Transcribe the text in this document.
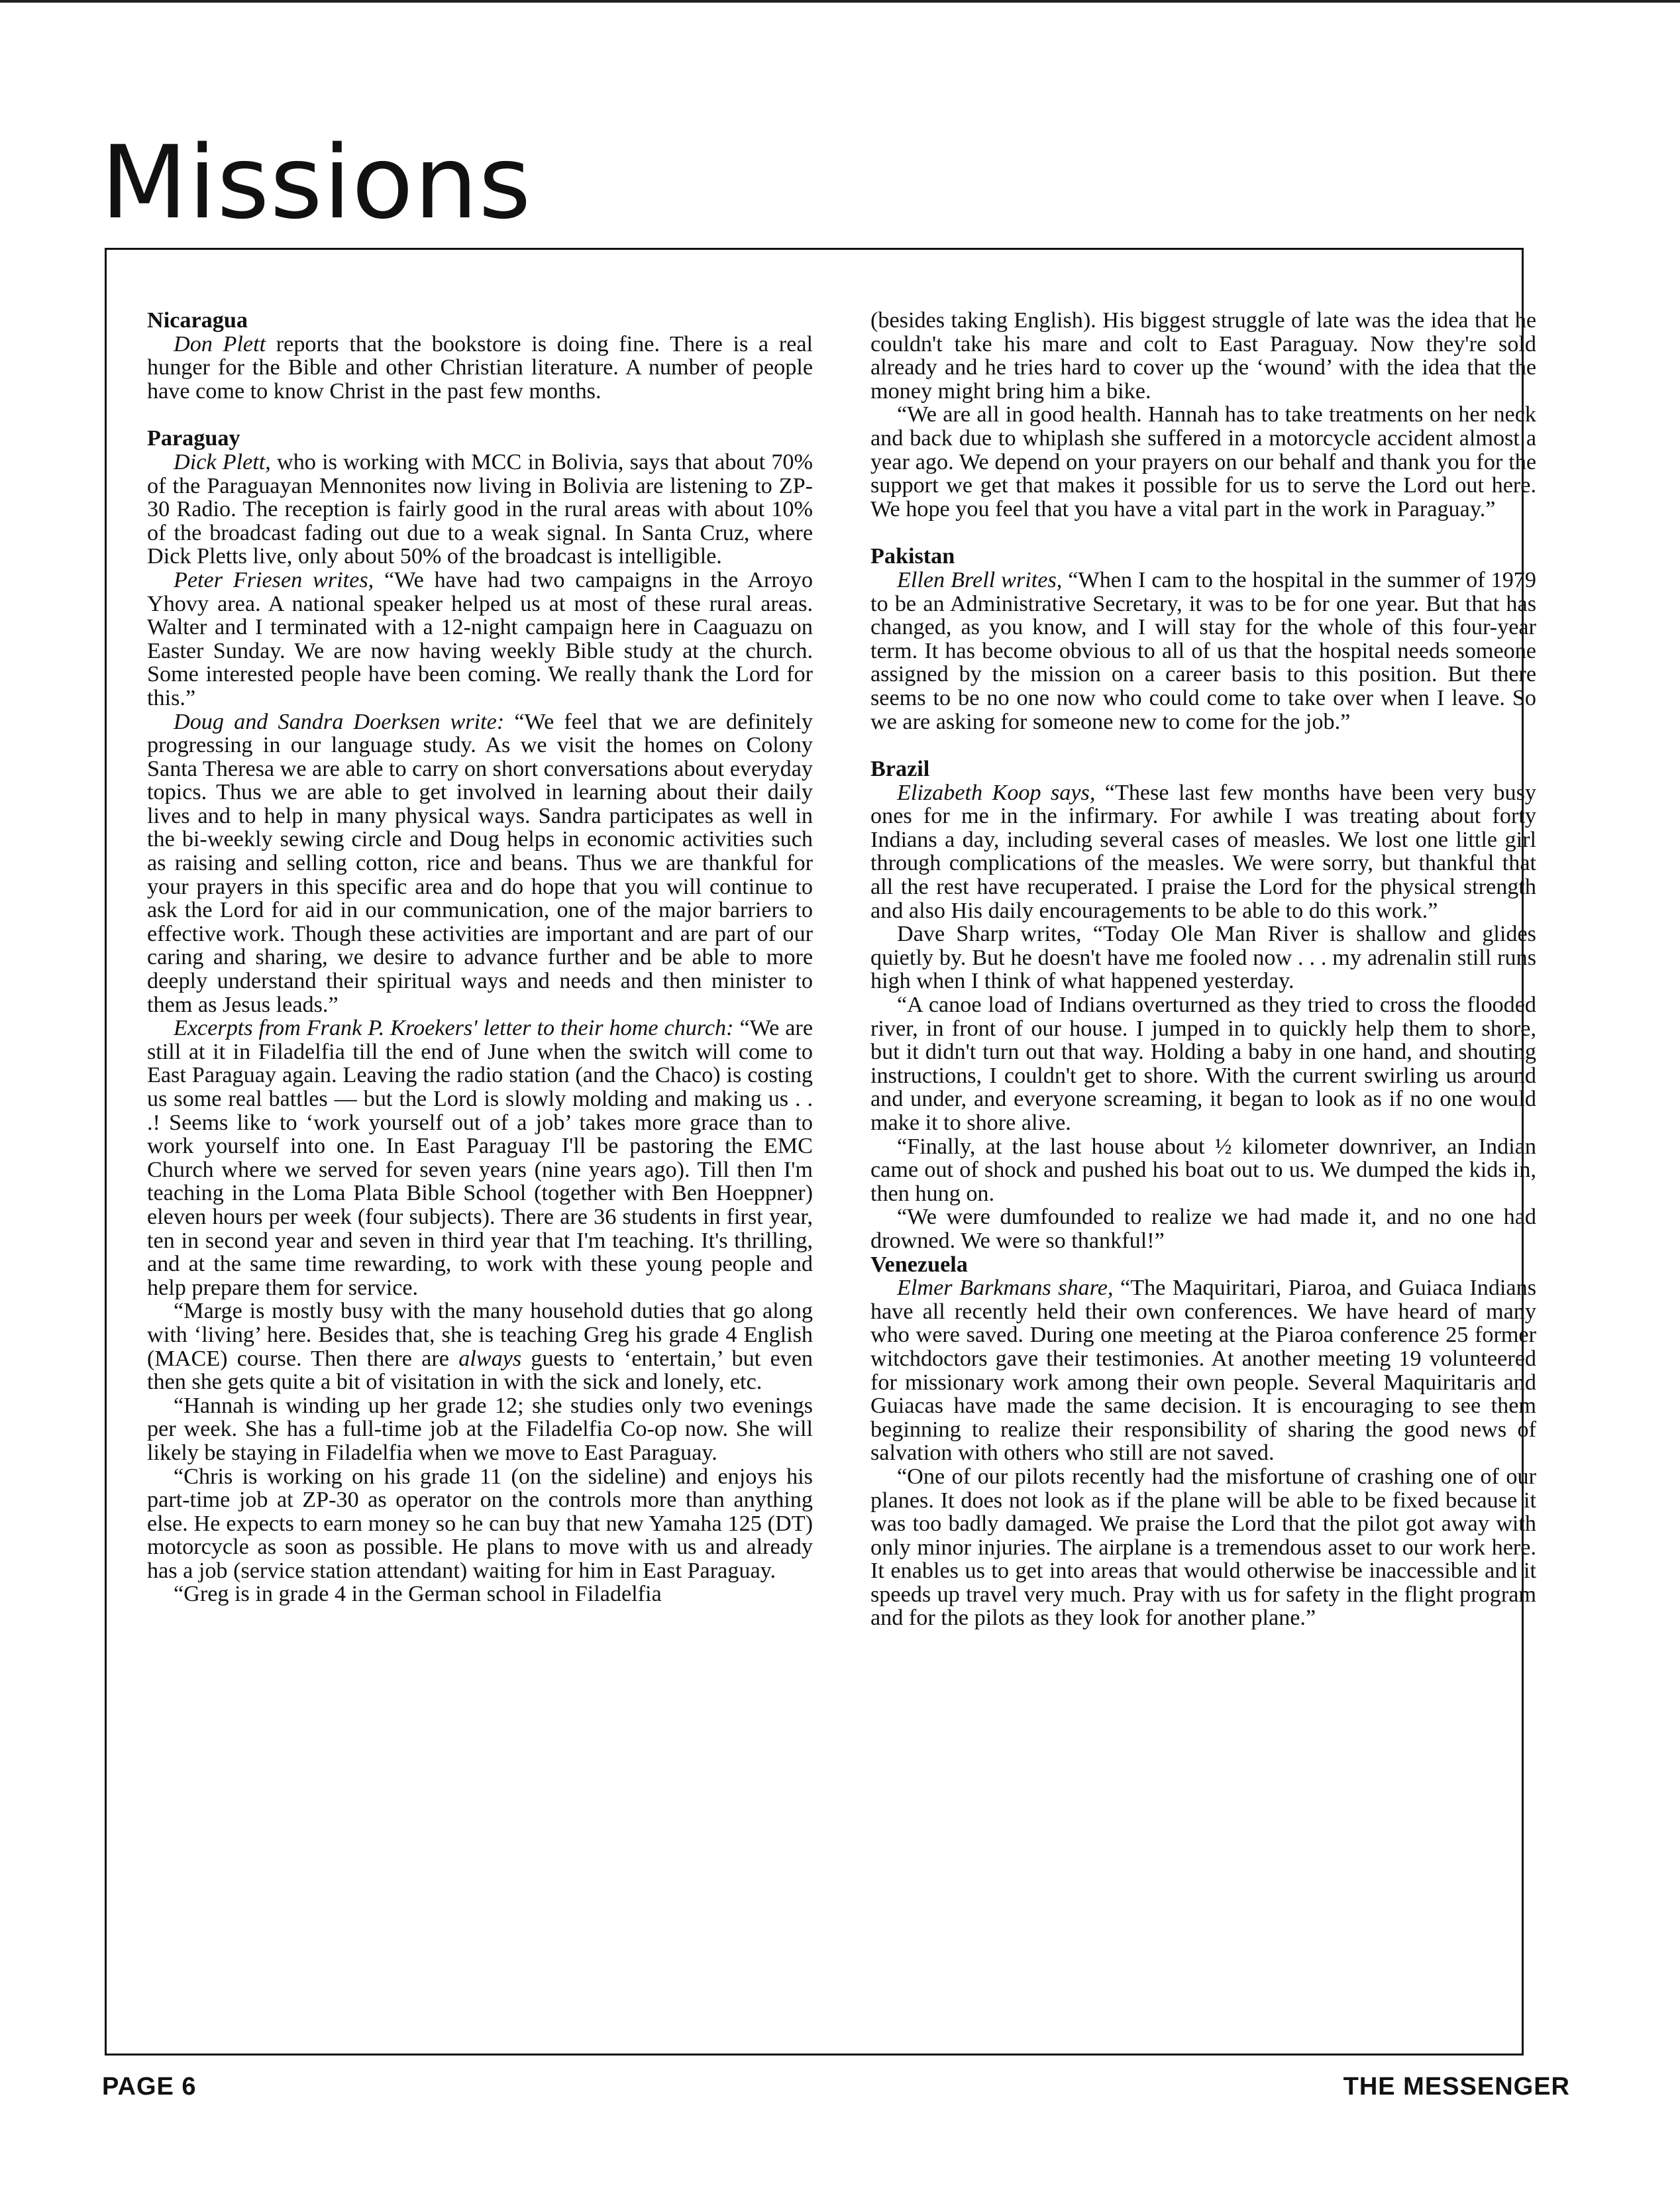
Missions

Nicaragua

Don Plett reports that the bookstore is doing fine. There is a real hunger for the Bible and other Christian literature. A number of people have come to know Christ in the past few months.

Paraguay

Dick Plett, who is working with MCC in Bolivia, says that about 70% of the Paraguayan Mennonites now living in Bolivia are listening to ZP-30 Radio. The reception is fairly good in the rural areas with about 10% of the broadcast fading out due to a weak signal. In Santa Cruz, where Dick Pletts live, only about 50% of the broadcast is intelligible.

Peter Friesen writes, “We have had two campaigns in the Arroyo Yhovy area. A national speaker helped us at most of these rural areas. Walter and I terminated with a 12-night campaign here in Caaguazu on Easter Sunday. We are now having weekly Bible study at the church. Some interested people have been coming. We really thank the Lord for this.”

Doug and Sandra Doerksen write: “We feel that we are definitely progressing in our language study. As we visit the homes on Colony Santa Theresa we are able to carry on short conversations about everyday topics. Thus we are able to get involved in learning about their daily lives and to help in many physical ways. Sandra participates as well in the bi-weekly sewing circle and Doug helps in economic activities such as raising and selling cotton, rice and beans. Thus we are thankful for your prayers in this specific area and do hope that you will continue to ask the Lord for aid in our communication, one of the major barriers to effective work. Though these activities are important and are part of our caring and sharing, we desire to advance further and be able to more deeply understand their spiritual ways and needs and then minister to them as Jesus leads.”

Excerpts from Frank P. Kroekers' letter to their home church: “We are still at it in Filadelfia till the end of June when the switch will come to East Paraguay again. Leaving the radio station (and the Chaco) is costing us some real battles — but the Lord is slowly molding and making us . . .! Seems like to ‘work yourself out of a job’ takes more grace than to work yourself into one. In East Paraguay I'll be pastoring the EMC Church where we served for seven years (nine years ago). Till then I'm teaching in the Loma Plata Bible School (together with Ben Hoeppner) eleven hours per week (four subjects). There are 36 students in first year, ten in second year and seven in third year that I'm teaching. It's thrilling, and at the same time rewarding, to work with these young people and help prepare them for service.

“Marge is mostly busy with the many household duties that go along with ‘living’ here. Besides that, she is teaching Greg his grade 4 English (MACE) course. Then there are always guests to ‘entertain,’ but even then she gets quite a bit of visitation in with the sick and lonely, etc.

“Hannah is winding up her grade 12; she studies only two evenings per week. She has a full-time job at the Filadelfia Co-op now. She will likely be staying in Filadelfia when we move to East Paraguay.

“Chris is working on his grade 11 (on the sideline) and enjoys his part-time job at ZP-30 as operator on the controls more than anything else. He expects to earn money so he can buy that new Yamaha 125 (DT) motorcycle as soon as possible. He plans to move with us and already has a job (service station attendant) waiting for him in East Paraguay.

“Greg is in grade 4 in the German school in Filadelfia

(besides taking English). His biggest struggle of late was the idea that he couldn't take his mare and colt to East Paraguay. Now they're sold already and he tries hard to cover up the ‘wound’ with the idea that the money might bring him a bike.

“We are all in good health. Hannah has to take treatments on her neck and back due to whiplash she suffered in a motorcycle accident almost a year ago. We depend on your prayers on our behalf and thank you for the support we get that makes it possible for us to serve the Lord out here. We hope you feel that you have a vital part in the work in Paraguay.”

Pakistan

Ellen Brell writes, “When I cam to the hospital in the summer of 1979 to be an Administrative Secretary, it was to be for one year. But that has changed, as you know, and I will stay for the whole of this four-year term. It has become obvious to all of us that the hospital needs someone assigned by the mission on a career basis to this position. But there seems to be no one now who could come to take over when I leave. So we are asking for someone new to come for the job.”

Brazil

Elizabeth Koop says, “These last few months have been very busy ones for me in the infirmary. For awhile I was treating about forty Indians a day, including several cases of measles. We lost one little girl through complications of the measles. We were sorry, but thankful that all the rest have recuperated. I praise the Lord for the physical strength and also His daily encouragements to be able to do this work.”

Dave Sharp writes, “Today Ole Man River is shallow and glides quietly by. But he doesn't have me fooled now . . . my adrenalin still runs high when I think of what happened yesterday.

“A canoe load of Indians overturned as they tried to cross the flooded river, in front of our house. I jumped in to quickly help them to shore, but it didn't turn out that way. Holding a baby in one hand, and shouting instructions, I couldn't get to shore. With the current swirling us around and under, and everyone screaming, it began to look as if no one would make it to shore alive.

“Finally, at the last house about ½ kilometer downriver, an Indian came out of shock and pushed his boat out to us. We dumped the kids in, then hung on.

“We were dumfounded to realize we had made it, and no one had drowned. We were so thankful!”

Venezuela

Elmer Barkmans share, “The Maquiritari, Piaroa, and Guiaca Indians have all recently held their own conferences. We have heard of many who were saved. During one meeting at the Piaroa conference 25 former witchdoctors gave their testimonies. At another meeting 19 volunteered for missionary work among their own people. Several Maquiritaris and Guiacas have made the same decision. It is encouraging to see them beginning to realize their responsibility of sharing the good news of salvation with others who still are not saved.

“One of our pilots recently had the misfortune of crashing one of our planes. It does not look as if the plane will be able to be fixed because it was too badly damaged. We praise the Lord that the pilot got away with only minor injuries. The airplane is a tremendous asset to our work here. It enables us to get into areas that would otherwise be inaccessible and it speeds up travel very much. Pray with us for safety in the flight program and for the pilots as they look for another plane.”

PAGE 6	THE MESSENGER
